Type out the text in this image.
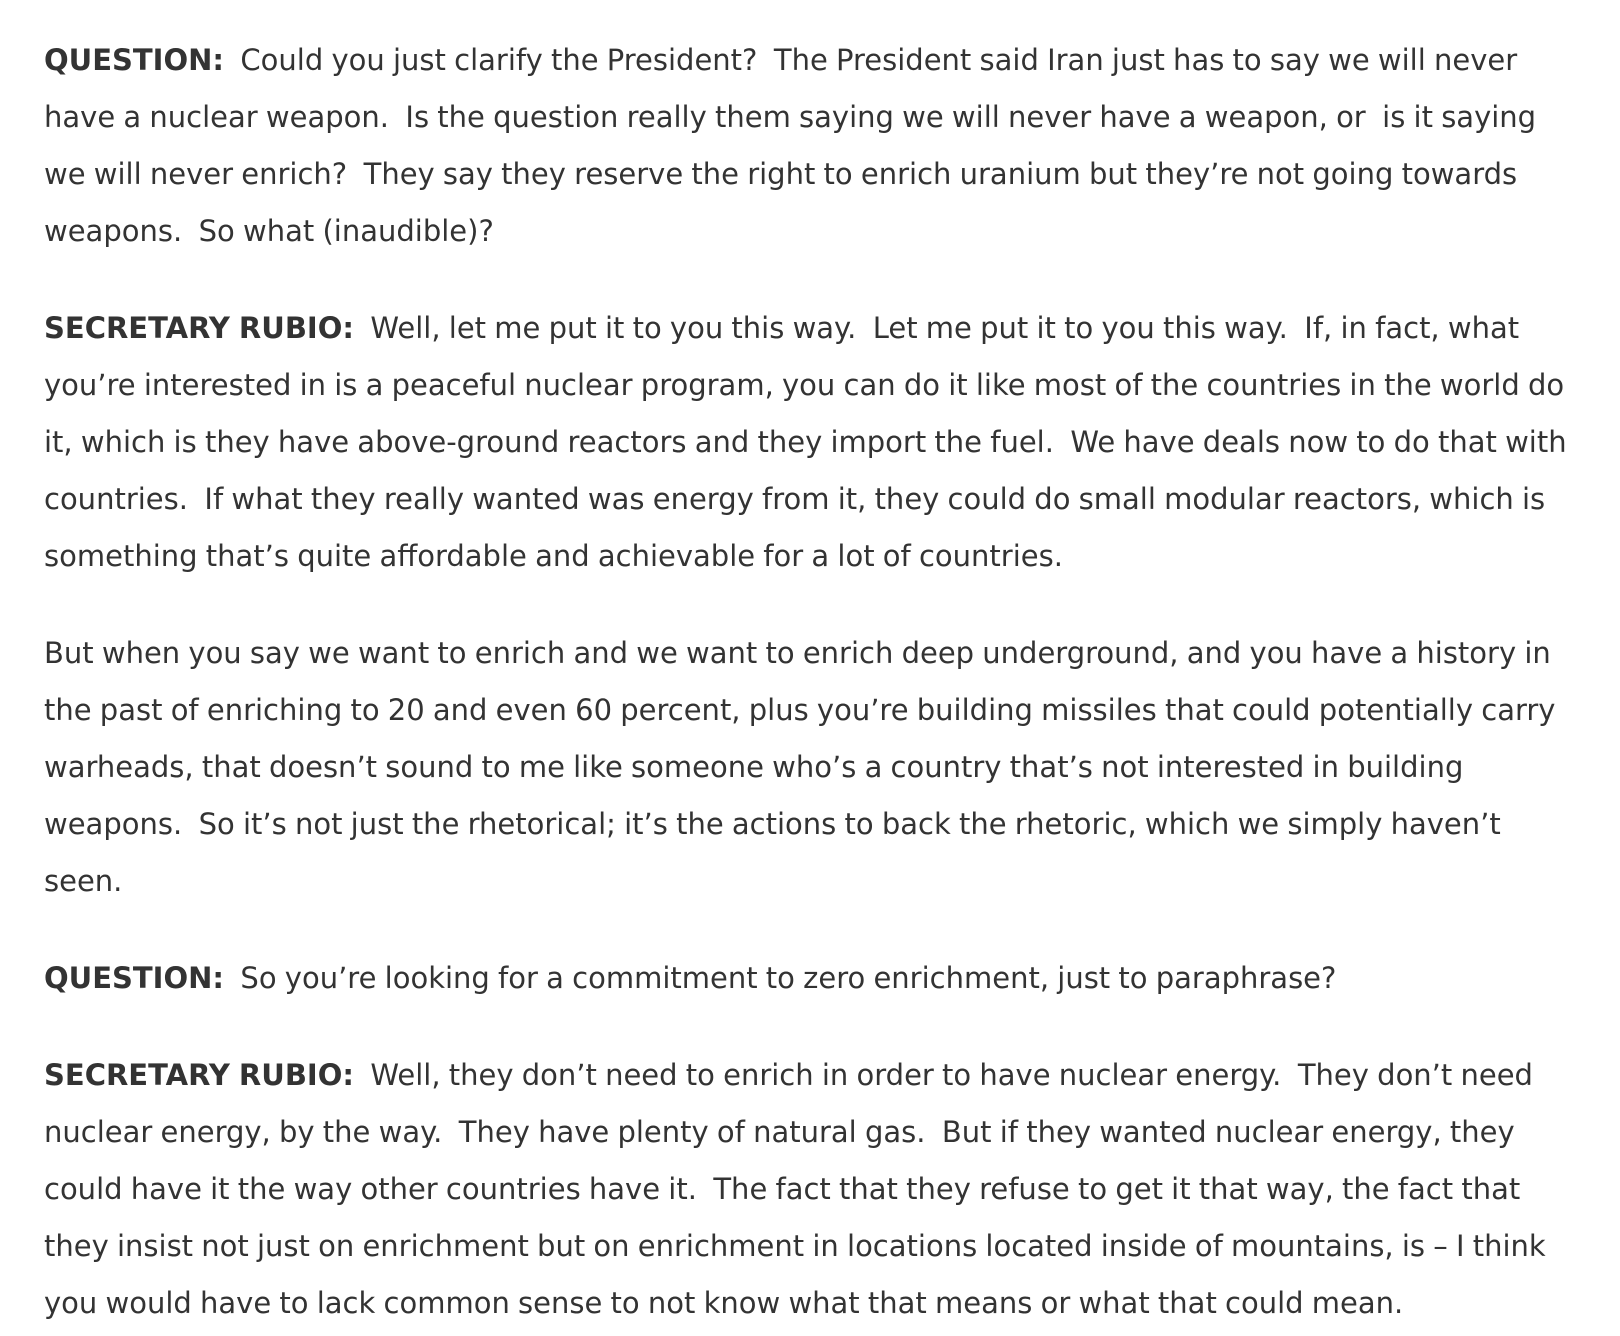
QUESTION:  Could you just clarify the President?  The President said Iran just has to say we will never have a nuclear weapon.  Is the question really them saying we will never have a weapon, or  is it saying we will never enrich?  They say they reserve the right to enrich uranium but they’re not going towards weapons.  So what (inaudible)?

SECRETARY RUBIO:  Well, let me put it to you this way.  Let me put it to you this way.  If, in fact, what you’re interested in is a peaceful nuclear program, you can do it like most of the countries in the world do it, which is they have above-ground reactors and they import the fuel.  We have deals now to do that with countries.  If what they really wanted was energy from it, they could do small modular reactors, which is something that’s quite affordable and achievable for a lot of countries.

But when you say we want to enrich and we want to enrich deep underground, and you have a history in the past of enriching to 20 and even 60 percent, plus you’re building missiles that could potentially carry warheads, that doesn’t sound to me like someone who’s a country that’s not interested in building weapons.  So it’s not just the rhetorical; it’s the actions to back the rhetoric, which we simply haven’t seen.

QUESTION:  So you’re looking for a commitment to zero enrichment, just to paraphrase?

SECRETARY RUBIO:  Well, they don’t need to enrich in order to have nuclear energy.  They don’t need nuclear energy, by the way.  They have plenty of natural gas.  But if they wanted nuclear energy, they could have it the way other countries have it.  The fact that they refuse to get it that way, the fact that they insist not just on enrichment but on enrichment in locations located inside of mountains, is – I think you would have to lack common sense to not know what that means or what that could mean.
